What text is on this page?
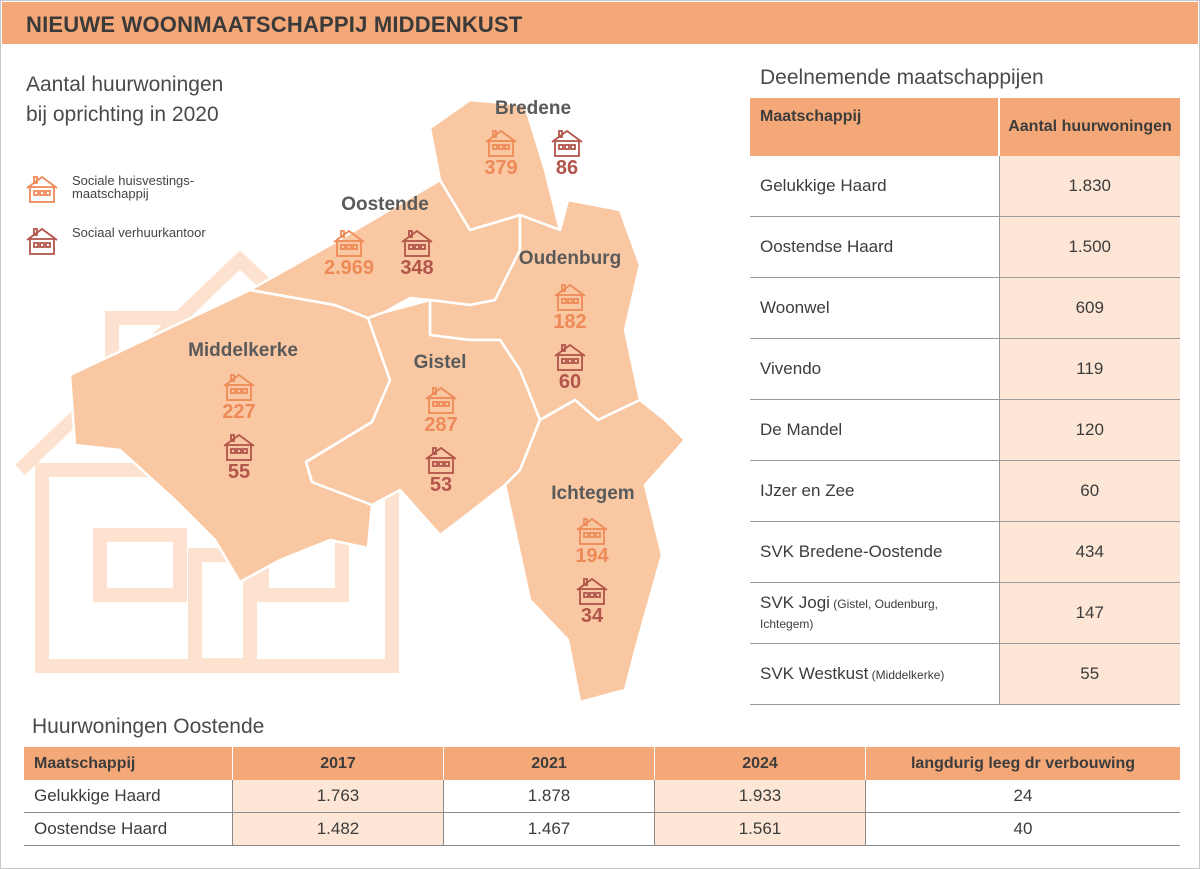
NIEUWE WOONMAATSCHAPPIJ MIDDENKUST
Aantal huurwoningen
bij oprichting in 2020
Sociale huisvestings-maatschappij
Sociaal verhuurkantoor
Bredene
379	86
Oostende
2.969	348	Oudenburg
182
60
Middelkerke
227
55
Gistel
287
53	Ichtegem
194
34
Deelnemende maatschappijen
Maatschappij	Aantal huurwoningen
Gelukkige Haard	1.830
Oostendse Haard	1.500
Woonwel	609
Vivendo	119
De Mandel	120
IJzer en Zee	60
SVK Bredene-Oostende	434
SVK Jogi (Gistel, Oudenburg, Ichtegem)	147
SVK Westkust (Middelkerke)	55
Huurwoningen Oostende
Maatschappij	2017	2021	2024	langdurig leeg dr verbouwing
Gelukkige Haard	1.763	1.878	1.933	24
Oostendse Haard	1.482	1.467	1.561	40
